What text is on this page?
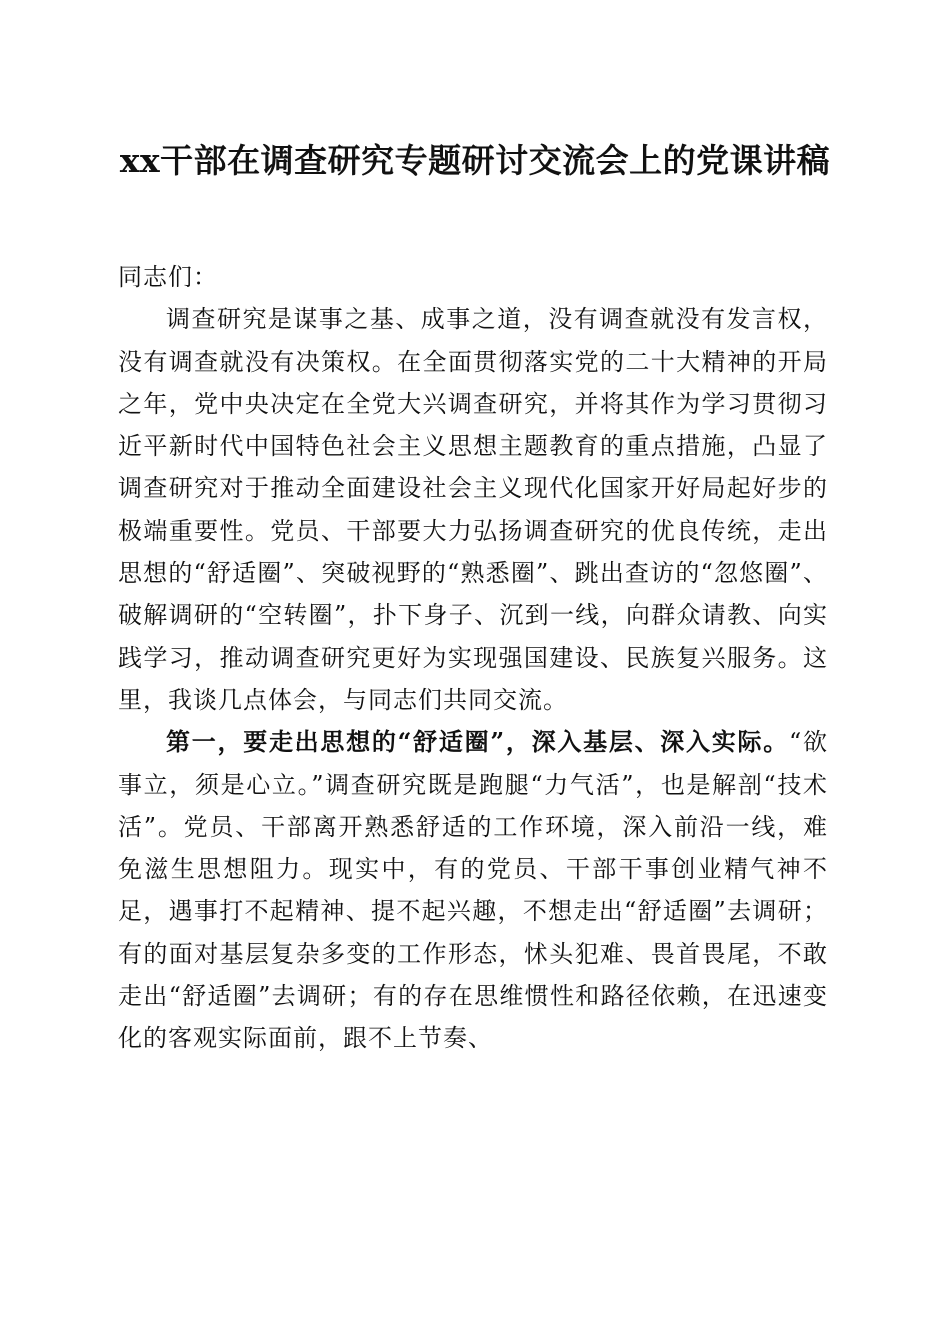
xx干部在调查研究专题研讨交流会上的党课讲稿

同志们：

调查研究是谋事之基、成事之道，没有调查就没有发言权，没有调查就没有决策权。在全面贯彻落实党的二十大精神的开局之年，党中央决定在全党大兴调查研究，并将其作为学习贯彻习近平新时代中国特色社会主义思想主题教育的重点措施，凸显了调查研究对于推动全面建设社会主义现代化国家开好局起好步的极端重要性。党员、干部要大力弘扬调查研究的优良传统，走出思想的“舒适圈”、突破视野的“熟悉圈”、跳出查访的“忽悠圈”、破解调研的“空转圈”，扑下身子、沉到一线，向群众请教、向实践学习，推动调查研究更好为实现强国建设、民族复兴服务。这里，我谈几点体会，与同志们共同交流。

第一，要走出思想的“舒适圈”，深入基层、深入实际。“欲事立，须是心立。”调查研究既是跑腿“力气活”，也是解剖“技术活”。党员、干部离开熟悉舒适的工作环境，深入前沿一线，难免滋生思想阻力。现实中，有的党员、干部干事创业精气神不足，遇事打不起精神、提不起兴趣，不想走出“舒适圈”去调研；有的面对基层复杂多变的工作形态，怵头犯难、畏首畏尾，不敢走出“舒适圈”去调研；有的存在思维惯性和路径依赖，在迅速变化的客观实际面前，跟不上节奏、
